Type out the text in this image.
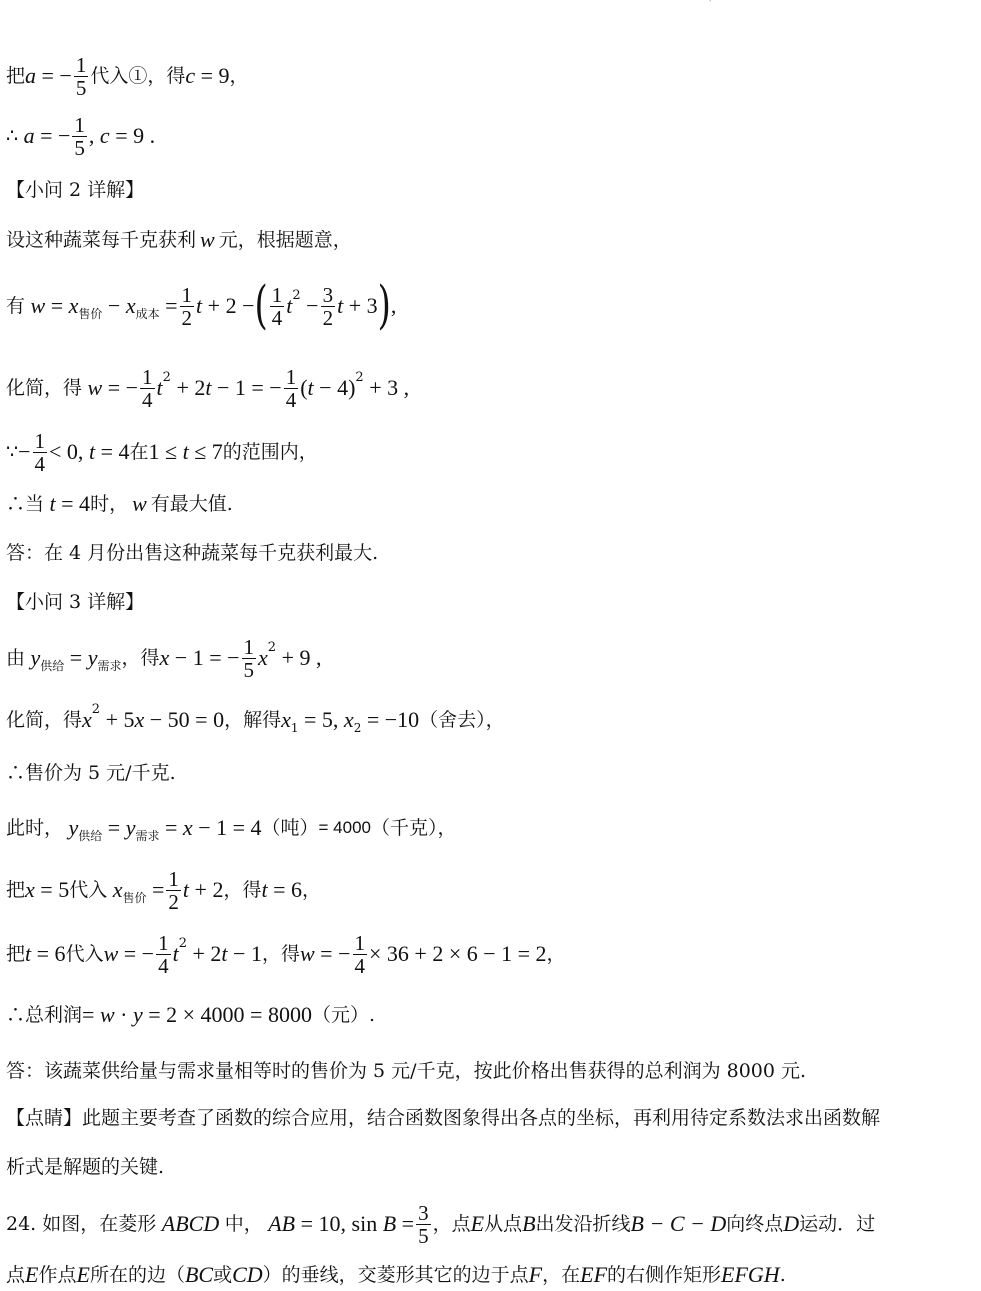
`
把 a = − $\frac{1}{5}$ 代入①，得 c = 9 ，
∴ a = − $\frac{1}{5}$ , c = 9 .
【小问 2 详解】
设这种蔬菜每千克获利 w 元，根据题意，
有 w = x 售价 − x 成本 = $\frac{1}{2}$ t + 2 − ( $\frac{1}{4}$ t $2 - \frac{3}{2}$ t + 3 ) ,
化简，得 w = − $\frac{1}{4}$ t 2 + 2t − 1 = − $\frac{1}{4} (t - 4) 2 + 3$ ,
∵ − $\frac{1}{4} < 0$, t = 4 在 1 ≤ t ≤ 7 的范围内，
∴当 t = 4 时， w 有最大值.
答：在 4 月份出售这种蔬菜每千克获利最大.
【小问 3 详解】
由 y 供给 = y 需求 ，得 x − 1 = − $\frac{1}{5}$ x 2 + 9 ,
化简，得 x 2 + 5x − 50 = 0 ，解得 x 1 = 5, x 2 = −10 （舍去），
∴售价为 5 元/千克.
此时， y 供给 = y 需求 = x − 1 = 4 （吨） = 4000 （千克），
把 x = 5 代入 x 售价 = $\frac{1}{2}$ t + 2 ，得 t = 6 ，
把 t = 6 代入 w = − $\frac{1}{4}$ t 2 + 2t − 1 ，得 w = − $\frac{1}{4} \times 36 + 2 \times 6 - 1 = 2$ ，
∴总利润 = w · y = 2 × 4000 = 8000 （元）.
答：该蔬菜供给量与需求量相等时的售价为 5 元/千克，按此价格出售获得的总利润为 8000 元.
【点睛】此题主要考查了函数的综合应用，结合函数图象得出各点的坐标，再利用待定系数法求出函数解
析式是解题的关键.
24. 如图，在菱形 ABCD 中， AB = 10, $\sin B = \frac{3}{5}$ ，点 E 从点 B 出发沿折线 B − C − D 向终点 D 运动．过
点 E 作点 E 所在的边（ BC 或 CD ）的垂线，交菱形其它的边于点 F ，在 EF 的右侧作矩形 EFGH .
